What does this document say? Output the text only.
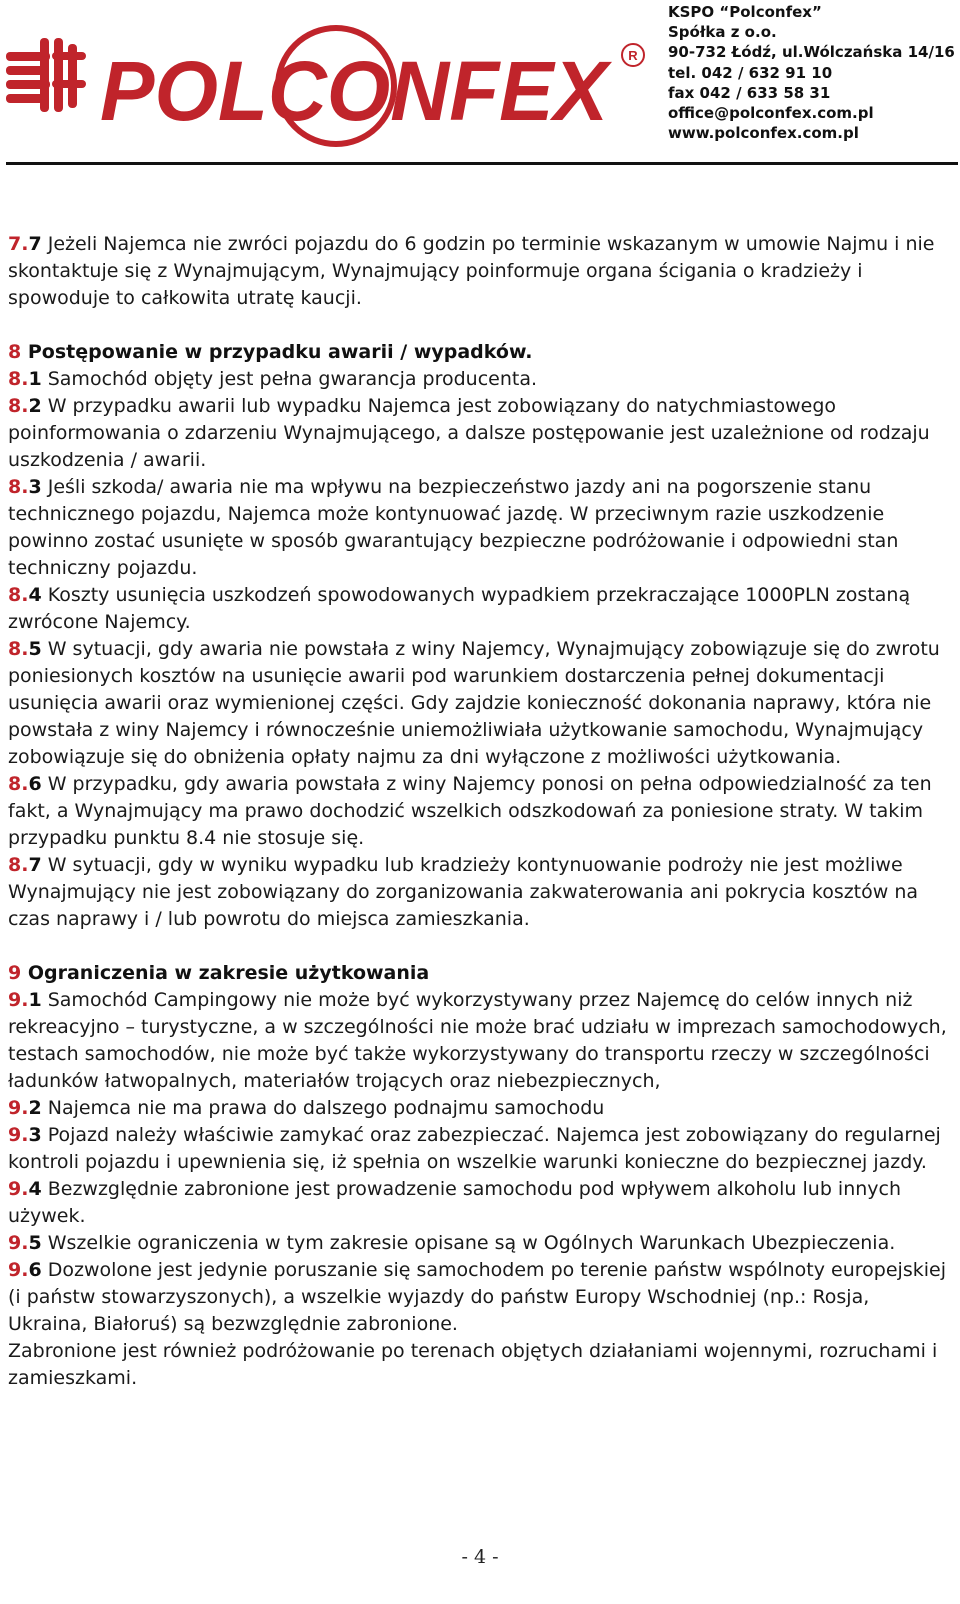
POLCONFEX R
KSPO “Polconfex”
Spółka z o.o.
90-732 Łódź, ul.Wólczańska 14/16
tel. 042 / 632 91 10
fax 042 / 633 58 31
office@polconfex.com.pl
www.polconfex.com.pl

7.7 Jeżeli Najemca nie zwróci pojazdu do 6 godzin po terminie wskazanym w umowie Najmu i nie skontaktuje się z Wynajmującym, Wynajmujący poinformuje organa ścigania o kradzieży i spowoduje to całkowita utratę kaucji.

8 Postępowanie w przypadku awarii / wypadków.

8.1 Samochód objęty jest pełna gwarancja producenta.

8.2 W przypadku awarii lub wypadku Najemca jest zobowiązany do natychmiastowego poinformowania o zdarzeniu Wynajmującego, a dalsze postępowanie jest uzależnione od rodzaju uszkodzenia / awarii.

8.3 Jeśli szkoda/ awaria nie ma wpływu na bezpieczeństwo jazdy ani na pogorszenie stanu technicznego pojazdu, Najemca może kontynuować jazdę. W przeciwnym razie uszkodzenie powinno zostać usunięte w sposób gwarantujący bezpieczne podróżowanie i odpowiedni stan techniczny pojazdu.

8.4 Koszty usunięcia uszkodzeń spowodowanych wypadkiem przekraczające 1000PLN zostaną zwrócone Najemcy.

8.5 W sytuacji, gdy awaria nie powstała z winy Najemcy, Wynajmujący zobowiązuje się do zwrotu poniesionych kosztów na usunięcie awarii pod warunkiem dostarczenia pełnej dokumentacji usunięcia awarii oraz wymienionej części. Gdy zajdzie konieczność dokonania naprawy, która nie powstała z winy Najemcy i równocześnie uniemożliwiała użytkowanie samochodu, Wynajmujący zobowiązuje się do obniżenia opłaty najmu za dni wyłączone z możliwości użytkowania.

8.6 W przypadku, gdy awaria powstała z winy Najemcy ponosi on pełna odpowiedzialność za ten fakt, a Wynajmujący ma prawo dochodzić wszelkich odszkodowań za poniesione straty. W takim przypadku punktu 8.4 nie stosuje się.

8.7 W sytuacji, gdy w wyniku wypadku lub kradzieży kontynuowanie podroży nie jest możliwe Wynajmujący nie jest zobowiązany do zorganizowania zakwaterowania ani pokrycia kosztów na czas naprawy i / lub powrotu do miejsca zamieszkania.

9 Ograniczenia w zakresie użytkowania

9.1 Samochód Campingowy nie może być wykorzystywany przez Najemcę do celów innych niż rekreacyjno – turystyczne, a w szczególności nie może brać udziału w imprezach samochodowych, testach samochodów, nie może być także wykorzystywany do transportu rzeczy w szczególności ładunków łatwopalnych, materiałów trojących oraz niebezpiecznych,

9.2 Najemca nie ma prawa do dalszego podnajmu samochodu

9.3 Pojazd należy właściwie zamykać oraz zabezpieczać. Najemca jest zobowiązany do regularnej kontroli pojazdu i upewnienia się, iż spełnia on wszelkie warunki konieczne do bezpiecznej jazdy.

9.4 Bezwzględnie zabronione jest prowadzenie samochodu pod wpływem alkoholu lub innych używek.

9.5 Wszelkie ograniczenia w tym zakresie opisane są w Ogólnych Warunkach Ubezpieczenia.

9.6 Dozwolone jest jedynie poruszanie się samochodem po terenie państw wspólnoty europejskiej (i państw stowarzyszonych), a wszelkie wyjazdy do państw Europy Wschodniej (np.: Rosja, Ukraina, Białoruś) są bezwzględnie zabronione.

Zabronione jest również podróżowanie po terenach objętych działaniami wojennymi, rozruchami i zamieszkami.

- 4 -
